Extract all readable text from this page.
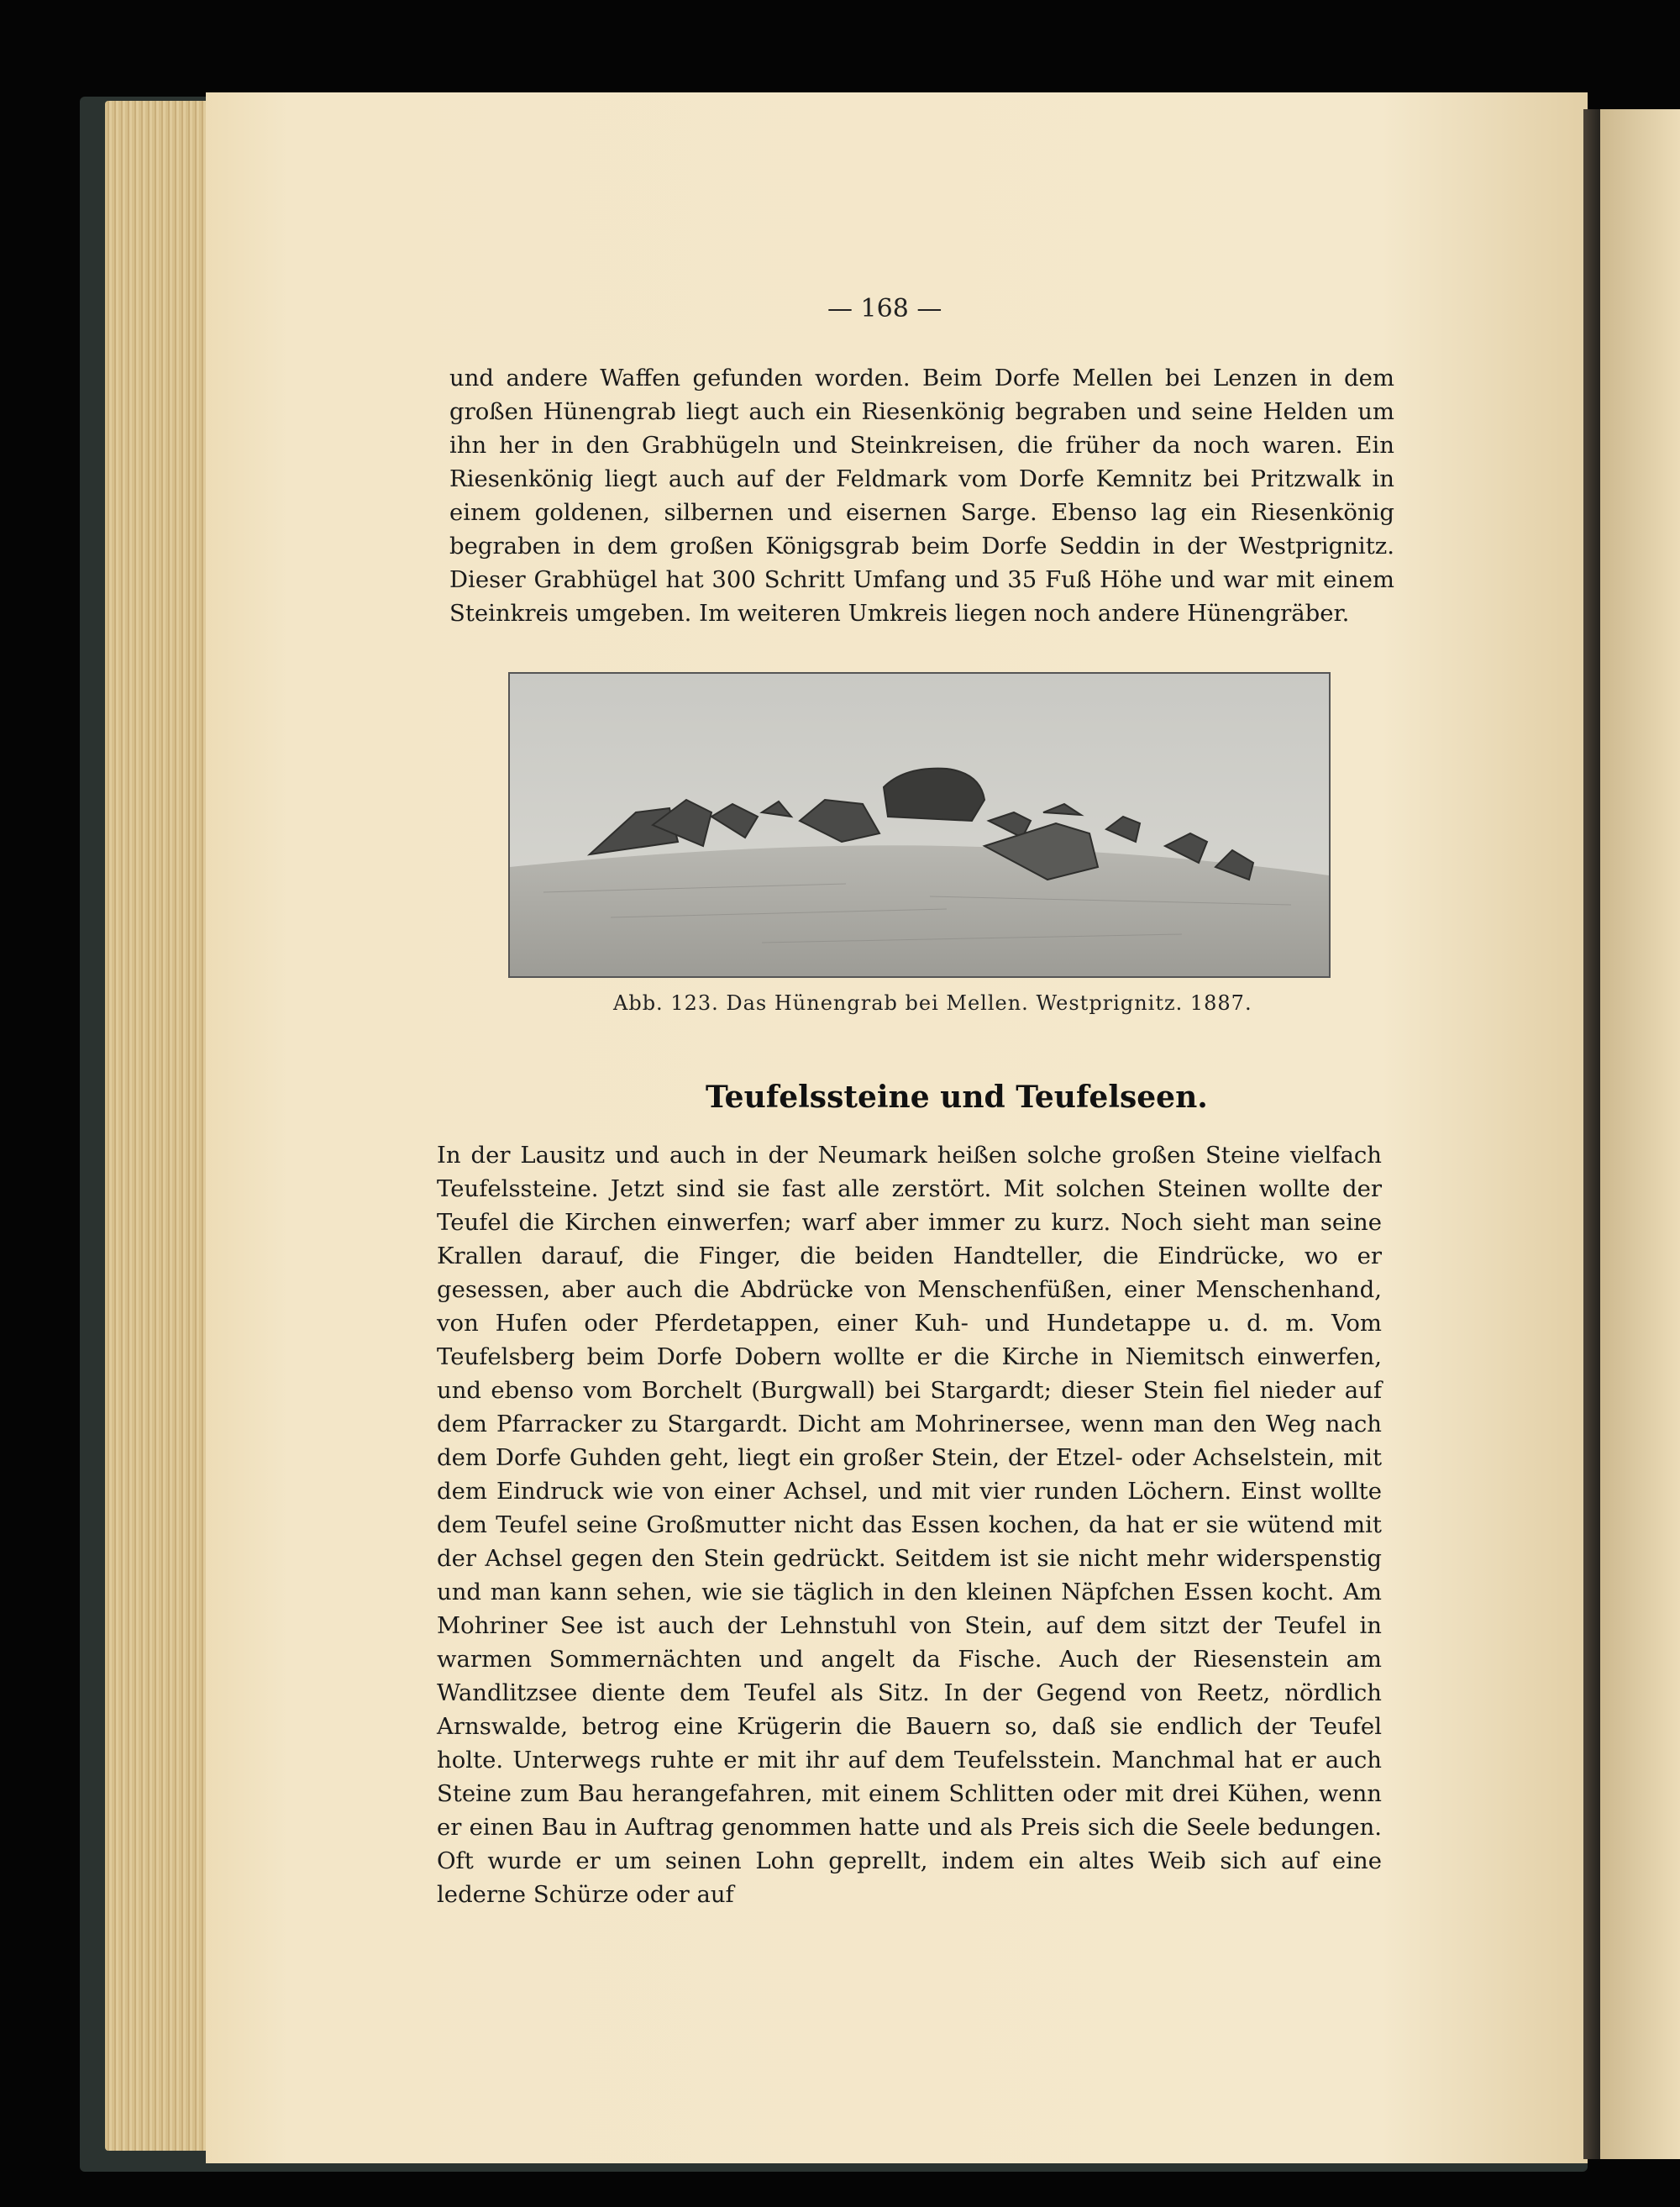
— 168 —

und andere Waffen gefunden worden. Beim Dorfe Mellen bei Lenzen in dem großen Hünengrab liegt auch ein Riesenkönig begraben und seine Helden um ihn her in den Grabhügeln und Steinkreisen, die früher da noch waren. Ein Riesenkönig liegt auch auf der Feldmark vom Dorfe Kemnitz bei Pritzwalk in einem goldenen, silbernen und eisernen Sarge. Ebenso lag ein Riesenkönig begraben in dem großen Königsgrab beim Dorfe Seddin in der Westprignitz. Dieser Grabhügel hat 300 Schritt Umfang und 35 Fuß Höhe und war mit einem Steinkreis umgeben. Im weiteren Umkreis liegen noch andere Hünengräber.

Abb. 123. Das Hünengrab bei Mellen. Westprignitz. 1887.
Teufelssteine und Teufelseen.

In der Lausitz und auch in der Neumark heißen solche großen Steine vielfach Teufelssteine. Jetzt sind sie fast alle zerstört. Mit solchen Steinen wollte der Teufel die Kirchen einwerfen; warf aber immer zu kurz. Noch sieht man seine Krallen darauf, die Finger, die beiden Handteller, die Eindrücke, wo er gesessen, aber auch die Abdrücke von Menschenfüßen, einer Menschenhand, von Hufen oder Pferdetappen, einer Kuh- und Hundetappe u. d. m. Vom Teufelsberg beim Dorfe Dobern wollte er die Kirche in Niemitsch einwerfen, und ebenso vom Borchelt (Burgwall) bei Stargardt; dieser Stein fiel nieder auf dem Pfarracker zu Stargardt. Dicht am Mohrinersee, wenn man den Weg nach dem Dorfe Guhden geht, liegt ein großer Stein, der Etzel- oder Achselstein, mit dem Eindruck wie von einer Achsel, und mit vier runden Löchern. Einst wollte dem Teufel seine Großmutter nicht das Essen kochen, da hat er sie wütend mit der Achsel gegen den Stein gedrückt. Seitdem ist sie nicht mehr widerspenstig und man kann sehen, wie sie täglich in den kleinen Näpfchen Essen kocht. Am Mohriner See ist auch der Lehnstuhl von Stein, auf dem sitzt der Teufel in warmen Sommernächten und angelt da Fische. Auch der Riesenstein am Wandlitzsee diente dem Teufel als Sitz. In der Gegend von Reetz, nördlich Arnswalde, betrog eine Krügerin die Bauern so, daß sie endlich der Teufel holte. Unterwegs ruhte er mit ihr auf dem Teufelsstein. Manchmal hat er auch Steine zum Bau herangefahren, mit einem Schlitten oder mit drei Kühen, wenn er einen Bau in Auftrag genommen hatte und als Preis sich die Seele bedungen. Oft wurde er um seinen Lohn geprellt, indem ein altes Weib sich auf eine lederne Schürze oder auf
